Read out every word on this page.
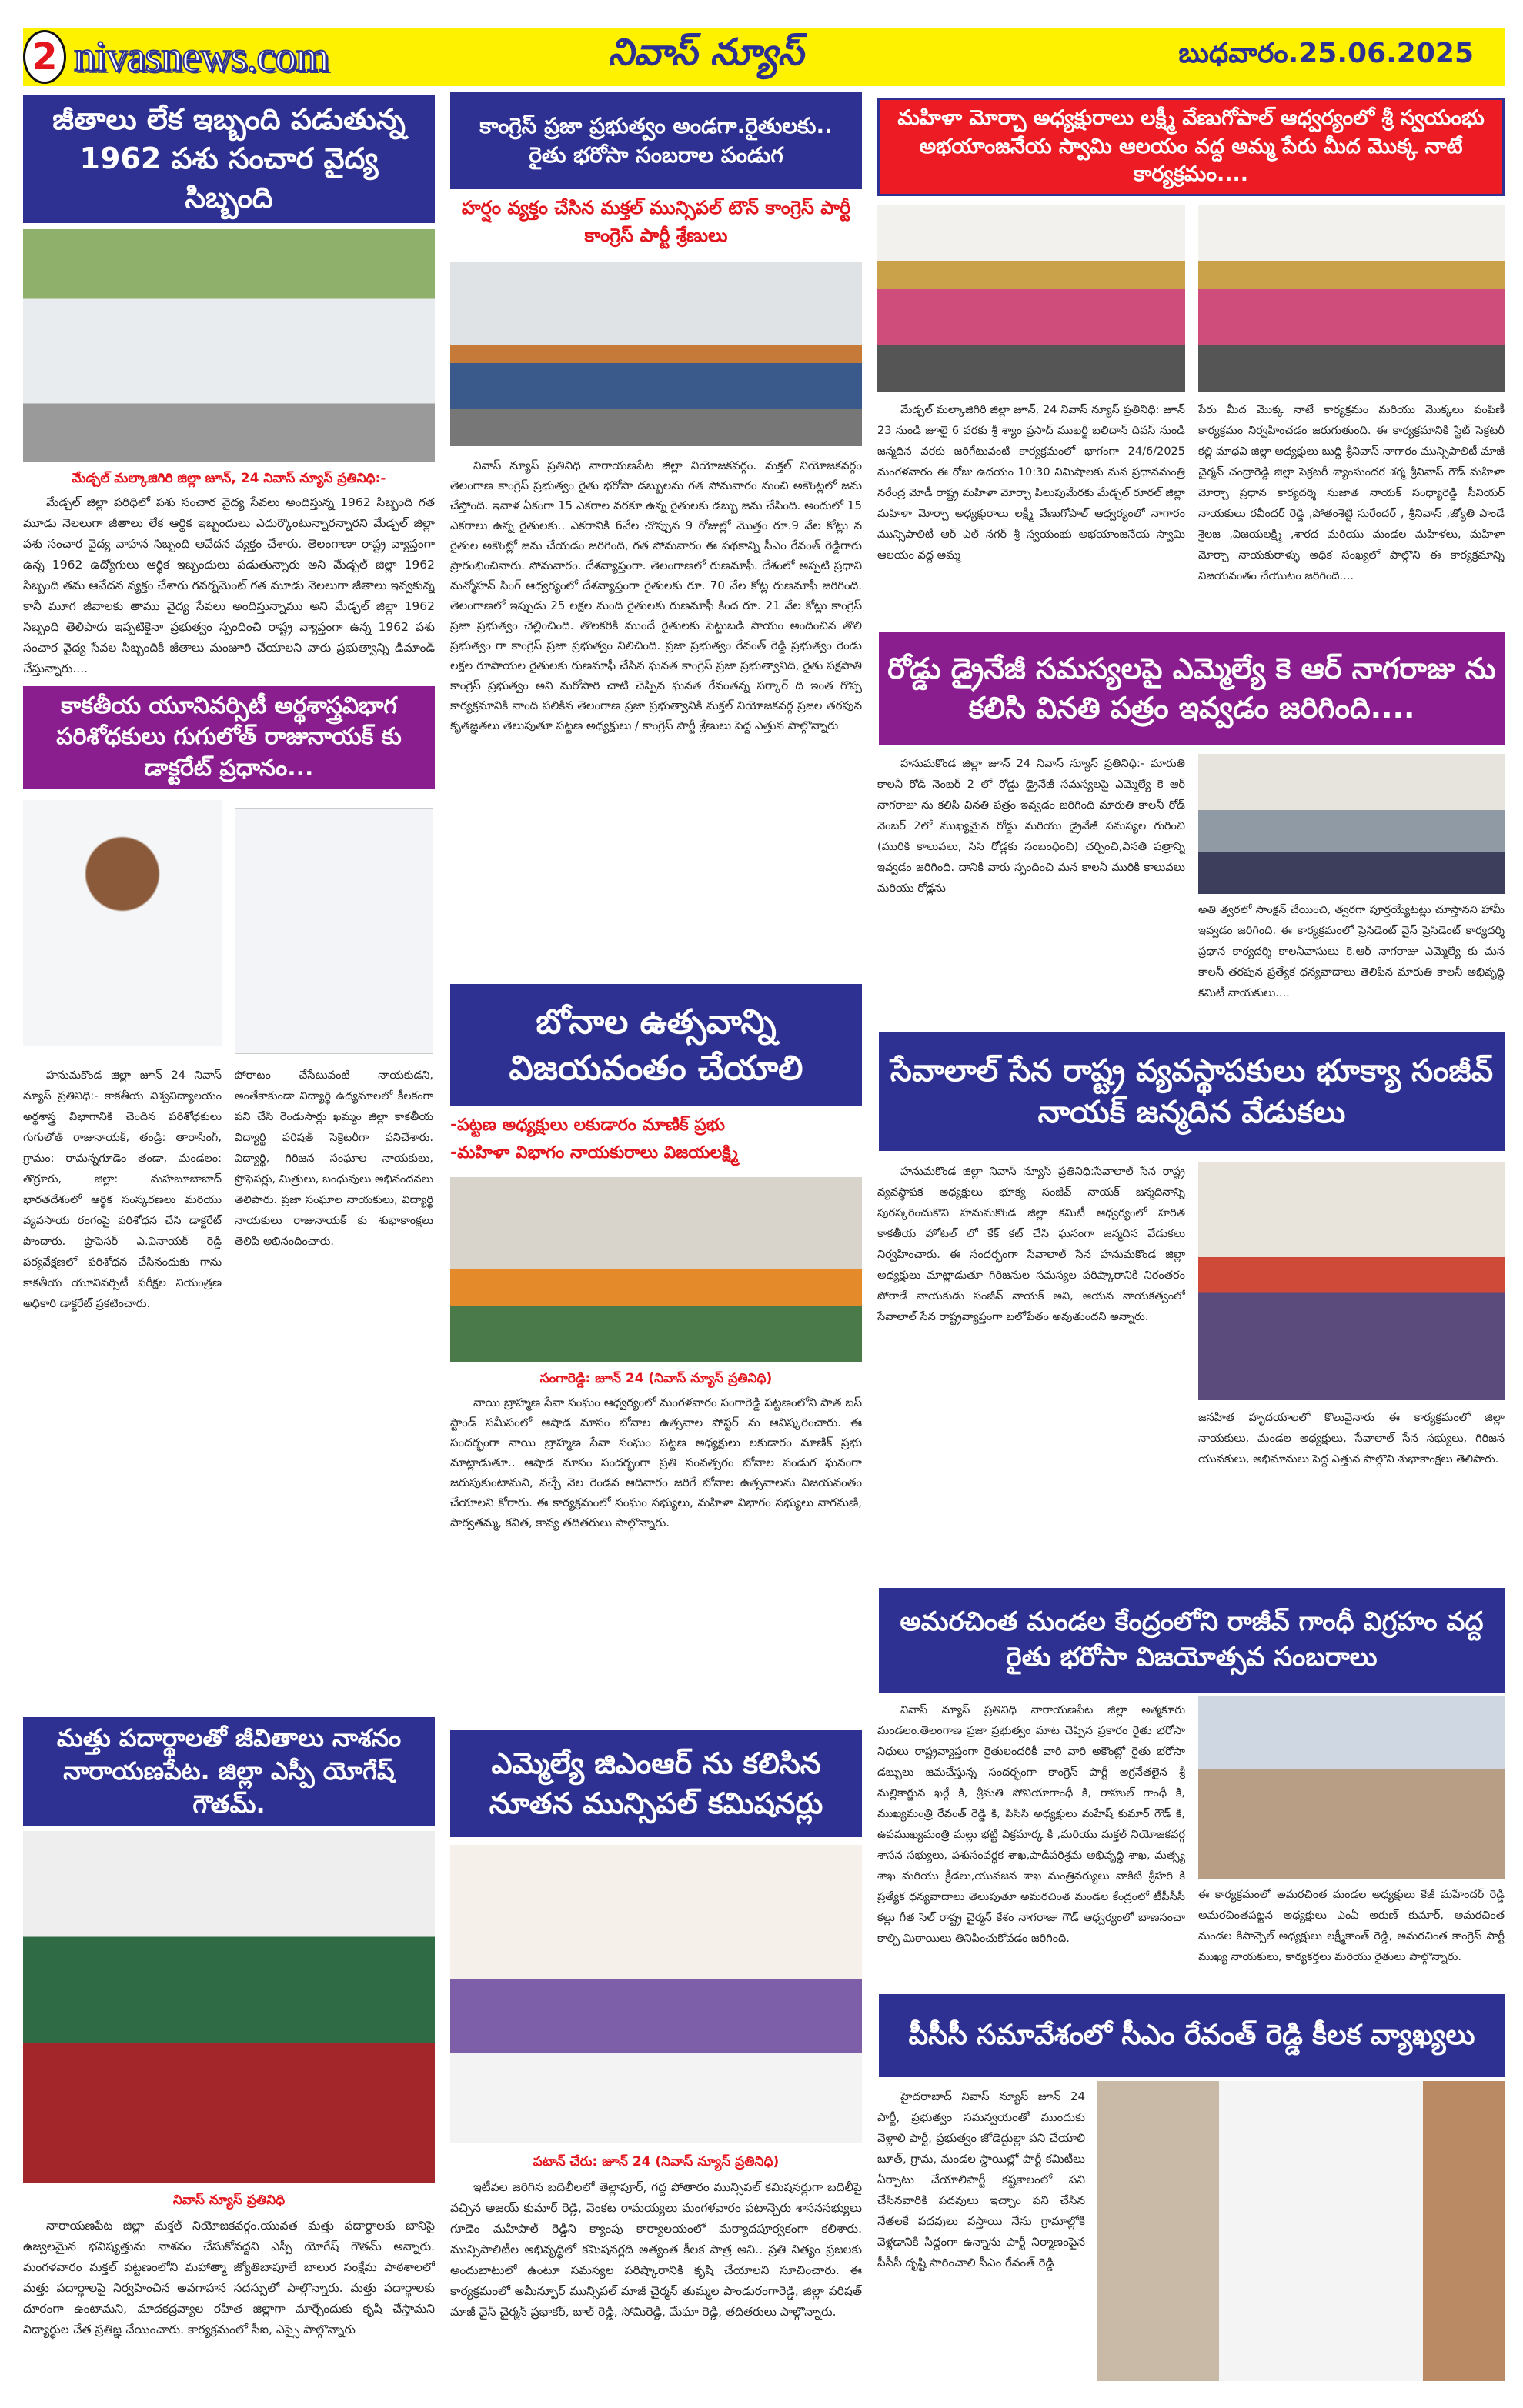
2 nivasnews.com	నివాస్ న్యూస్	బుధవారం.25.06.2025
జీతాలు లేక ఇబ్బంది పడుతున్న 1962 పశు సంచార వైద్య సిబ్బంది
మేడ్చల్ మల్కాజిగిరి జిల్లా జూన్, 24 నివాస్ న్యూస్ ప్రతినిధి:-
మేడ్చల్ జిల్లా పరిధిలో పశు సంచార వైద్య సేవలు అందిస్తున్న 1962 సిబ్బంది గత మూడు నెలలుగా జీతాలు లేక ఆర్థిక ఇబ్బందులు ఎదుర్కొంటున్నారన్నారని మేడ్చల్ జిల్లా పశు సంచార వైద్య వాహన సిబ్బంది ఆవేదన వ్యక్తం చేశారు. తెలంగాణా రాష్ట్ర వ్యాప్తంగా ఉన్న 1962 ఉద్యోగులు ఆర్థిక ఇబ్బందులు పడుతున్నారు అని మేడ్చల్ జిల్లా 1962 సిబ్బంది తమ ఆవేదన వ్యక్తం చేశారు గవర్నమెంట్ గత మూడు నెలలుగా జీతాలు ఇవ్వకున్న కానీ మూగ జీవాలకు తాము వైద్య సేవలు అందిస్తున్నాము అని మేడ్చల్ జిల్లా 1962 సిబ్బంది తెలిపారు ఇప్పటికైనా ప్రభుత్వం స్పందించి రాష్ట్ర వ్యాప్తంగా ఉన్న 1962 పశు సంచార వైద్య సేవల సిబ్బందికి జీతాలు మంజూరి చేయాలని వారు ప్రభుత్వాన్ని డిమాండ్ చేస్తున్నారు....
కాకతీయ యూనివర్సిటీ అర్థశాస్త్రవిభాగ పరిశోధకులు గుగులోత్ రాజునాయక్ కు డాక్టరేట్ ప్రధానం...
హనుమకొండ జిల్లా జూన్ 24 నివాస్ న్యూస్ ప్రతినిధి:- కాకతీయ విశ్వవిద్యాలయం అర్థశాస్త్ర విభాగానికి చెందిన పరిశోధకులు గుగులోత్ రాజునాయక్, తండ్రి: తారాసింగ్, గ్రామం: రామన్నగూడెం తండా, మండలం: తొర్రూరు, జిల్లా: మహబూబాబాద్ భారతదేశంలో ఆర్థిక సంస్కరణలు మరియు వ్యవసాయ రంగంపై పరిశోధన చేసి డాక్టరేట్ పొందారు. ప్రొఫెసర్ ఎ.వినాయక్ రెడ్డి పర్యవేక్షణలో పరిశోధన చేసినందుకు గాను కాకతీయ యూనివర్సిటీ పరీక్షల నియంత్రణ అధికారి డాక్టరేట్ ప్రకటించారు.
పోరాటం చేసేటువంటి నాయకుడని, అంతేకాకుండా విద్యార్థి ఉద్యమాలలో కీలకంగా పని చేసి రెండుసార్లు ఖమ్మం జిల్లా కాకతీయ విద్యార్థి పరిషత్ సెక్రెటరీగా పనిచేశారు. విద్యార్థి, గిరిజన సంఘాల నాయకులు, ప్రొఫెసర్లు, మిత్రులు, బంధువులు అభినందనలు తెలిపారు. ప్రజా సంఘాల నాయకులు, విద్యార్థి నాయకులు రాజునాయక్ కు శుభాకాంక్షలు తెలిపి అభినందించారు.
మత్తు పదార్థాలతో జీవితాలు నాశనం నారాయణపేట. జిల్లా ఎస్పీ యోగేష్ గౌతమ్.
నివాస్ న్యూస్ ప్రతినిధి
నారాయణపేట జిల్లా మక్తల్ నియోజకవర్గం.యువత మత్తు పదార్థాలకు బానిసై ఉజ్వలమైన భవిష్యత్తును నాశనం చేసుకోవద్దని ఎస్పీ యోగేష్ గౌతమ్ అన్నారు. మంగళవారం మక్తల్ పట్టణంలోని మహాత్మా జ్యోతిబాపూలే బాలుర సంక్షేమ పాఠశాలలో మత్తు పదార్థాలపై నిర్వహించిన అవగాహన సదస్సులో పాల్గొన్నారు. మత్తు పదార్థాలకు దూరంగా ఉంటామని, మాదకద్రవ్యాల రహిత జిల్లాగా మార్చేందుకు కృషి చేస్తామని విద్యార్థుల చేత ప్రతిజ్ఞ చేయించారు. కార్యక్రమంలో సీఐ, ఎస్సై పాల్గొన్నారు
కాంగ్రెస్ ప్రజా ప్రభుత్వం అండగా.రైతులకు.. రైతు భరోసా సంబరాల పండుగ
హర్షం వ్యక్తం చేసిన మక్తల్ మున్సిపల్ టౌన్ కాంగ్రెస్ పార్టీ కాంగ్రెస్ పార్టీ శ్రేణులు
నివాస్ న్యూస్ ప్రతినిధి నారాయణపేట జిల్లా నియోజకవర్గం. మక్తల్ నియోజకవర్గం తెలంగాణ కాంగ్రెస్ ప్రభుత్వం రైతు భరోసా డబ్బులను గత సోమవారం నుంచి అకౌంట్లలో జమ చేస్తోంది. ఇవాళ ఏకంగా 15 ఎకరాల వరకూ ఉన్న రైతులకు డబ్బు జమ చేసింది. అందులో 15 ఎకరాలు ఉన్న రైతులకు.. ఎకరానికి 6వేల చొప్పున 9 రోజుల్లో మొత్తం రూ.9 వేల కోట్లు న రైతుల అకౌంట్లో జమ చేయడం జరిగింది, గత సోమవారం ఈ పథకాన్ని సీఎం రేవంత్ రెడ్డిగారు ప్రారంభించినారు. సోమవారం. దేశవ్యాప్తంగా. తెలంగాణలో రుణమాఫీ. దేశంలో అప్పటి ప్రధాని మన్మోహన్ సింగ్ ఆధ్వర్యంలో దేశవ్యాప్తంగా రైతులకు రూ. 70 వేల కోట్ల రుణమాఫీ జరిగింది. తెలంగాణలో ఇప్పుడు 25 లక్షల మంది రైతులకు రుణమాఫీ కింద రూ. 21 వేల కోట్లు కాంగ్రెస్ ప్రజా ప్రభుత్వం చెల్లించింది. తొలకరికి ముందే రైతులకు పెట్టుబడి సాయం అందించిన తొలి ప్రభుత్వం గా కాంగ్రెస్ ప్రజా ప్రభుత్వం నిలిచింది. ప్రజా ప్రభుత్వం రేవంత్ రెడ్డి ప్రభుత్వం రెండు లక్షల రూపాయల రైతులకు రుణమాఫీ చేసిన ఘనత కాంగ్రెస్ ప్రజా ప్రభుత్వానిది, రైతు పక్షపాతి కాంగ్రెస్ ప్రభుత్వం అని మరోసారి చాటి చెప్పిన ఘనత రేవంతన్న సర్కార్ ది ఇంత గొప్ప కార్యక్రమానికి నాంది పలికిన తెలంగాణ ప్రజా ప్రభుత్వానికి మక్తల్ నియోజకవర్గ ప్రజల తరపున కృతజ్ఞతలు తెలుపుతూ పట్టణ అధ్యక్షులు / కాంగ్రెస్ పార్టీ శ్రేణులు పెద్ద ఎత్తున పాల్గొన్నారు
బోనాల ఉత్సవాన్ని విజయవంతం చేయాలి
-పట్టణ అధ్యక్షులు లకుడారం మాణిక్ ప్రభు
-మహిళా విభాగం నాయకురాలు విజయలక్ష్మి
సంగారెడ్డి: జూన్ 24 (నివాస్ న్యూస్ ప్రతినిధి)
నాయి బ్రాహ్మణ సేవా సంఘం ఆధ్వర్యంలో మంగళవారం సంగారెడ్డి పట్టణంలోని పాత బస్ స్టాండ్ సమీపంలో ఆషాడ మాసం బోనాల ఉత్సవాల పోస్టర్ ను ఆవిష్కరించారు. ఈ సందర్భంగా నాయి బ్రాహ్మణ సేవా సంఘం పట్టణ అధ్యక్షులు లకుడారం మాణిక్ ప్రభు మాట్లాడుతూ.. ఆషాడ మాసం సందర్భంగా ప్రతి సంవత్సరం బోనాల పండుగ ఘనంగా జరుపుకుంటామని, వచ్చే నెల రెండవ ఆదివారం జరిగే బోనాల ఉత్సవాలను విజయవంతం చేయాలని కోరారు. ఈ కార్యక్రమంలో సంఘం సభ్యులు, మహిళా విభాగం సభ్యులు నాగమణి, పార్వతమ్మ, కవిత, కావ్య తదితరులు పాల్గొన్నారు.
ఎమ్మెల్యే జిఎంఆర్ ను కలిసిన నూతన మున్సిపల్ కమిషనర్లు
పటాన్ చేరు: జూన్ 24 (నివాస్ న్యూస్ ప్రతినిధి)
ఇటీవల జరిగిన బదిలీలలో తెల్లాపూర్, గద్ద పోతారం మున్సిపల్ కమిషనర్లుగా బదిలీపై వచ్చిన అజయ్ కుమార్ రెడ్డి, వెంకట రామయ్యలు మంగళవారం పటాన్చెరు శాసనసభ్యులు గూడెం మహిపాల్ రెడ్డిని క్యాంపు కార్యాలయంలో మర్యాదపూర్వకంగా కలిశారు. మున్సిపాలిటీల అభివృద్ధిలో కమిషనర్లది అత్యంత కీలక పాత్ర అని.. ప్రతి నిత్యం ప్రజలకు అందుబాటులో ఉంటూ సమస్యల పరిష్కారానికి కృషి చేయాలని సూచించారు. ఈ కార్యక్రమంలో అమీన్పూర్ మున్సిపల్ మాజీ చైర్మన్ తుమ్మల పాండురంగారెడ్డి, జిల్లా పరిషత్ మాజీ వైస్ చైర్మన్ ప్రభాకర్, బాల్ రెడ్డి, సోమిరెడ్డి, మేఘా రెడ్డి, తదితరులు పాల్గొన్నారు.
మహిళా మోర్చా అధ్యక్షురాలు లక్ష్మీ వేణుగోపాల్ ఆధ్వర్యంలో శ్రీ స్వయంభు అభయాంజనేయ స్వామి ఆలయం వద్ద అమ్మ పేరు మీద మొక్క నాటే కార్యక్రమం....
మేడ్చల్ మల్కాజిగిరి జిల్లా జూన్, 24 నివాస్ న్యూస్ ప్రతినిధి: జూన్ 23 నుండి జూలై 6 వరకు శ్రీ శ్యాం ప్రసాద్ ముఖర్జీ బలిదాన్ దివస్ నుండి జన్మదిన వరకు జరిగేటువంటి కార్యక్రమంలో భాగంగా 24/6/2025 మంగళవారం ఈ రోజు ఉదయం 10:30 నిమిషాలకు మన ప్రధానమంత్రి నరేంద్ర మోడీ రాష్ట్ర మహిళా మోర్చా పిలుపుమేరకు మేడ్చల్ రూరల్ జిల్లా మహిళా మోర్చా అధ్యక్షురాలు లక్ష్మీ వేణుగోపాల్ ఆధ్వర్యంలో నాగారం మున్సిపాలిటీ ఆర్ ఎల్ నగర్ శ్రీ స్వయంభు అభయాంజనేయ స్వామి ఆలయం వద్ద అమ్మ
పేరు మీద మొక్క నాటే కార్యక్రమం మరియు మొక్కలు పంపిణీ కార్యక్రమం నిర్వహించడం జరుగుతుంది. ఈ కార్యక్రమానికి స్టేట్ సెక్రటరీ కల్లి మాధవి జిల్లా అధ్యక్షులు బుద్ధి శ్రీనివాస్ నాగారం మున్సిపాలిటీ మాజీ చైర్మన్ చంద్రారెడ్డి జిల్లా సెక్రటరీ శ్యాంసుందర శర్మ శ్రీనివాస్ గౌడ్ మహిళా మోర్చా ప్రధాన కార్యదర్శి సుజాత నాయక్ సంధ్యారెడ్డి సీనియర్ నాయకులు రవీందర్ రెడ్డి ,పోతంశెట్టి సురేందర్ , శ్రీనివాస్ ,జ్యోతి పాండే శైలజ ,విజయలక్ష్మి ,శారద మరియు మండల మహిళలు, మహిళా మోర్చా నాయకురాళ్ళు అధిక సంఖ్యలో పాల్గొని ఈ కార్యక్రమాన్ని విజయవంతం చేయుటం జరిగింది....
రోడ్డు డ్రైనేజీ సమస్యలపై ఎమ్మెల్యే కె ఆర్ నాగరాజు ను కలిసి వినతి పత్రం ఇవ్వడం జరిగింది....
హనుమకొండ జిల్లా జూన్ 24 నివాస్ న్యూస్ ప్రతినిధి:- మారుతి కాలనీ రోడ్ నెంబర్ 2 లో రోడ్డు డ్రైనేజీ సమస్యలపై ఎమ్మెల్యే కె ఆర్ నాగరాజు ను కలిసి వినతి పత్రం ఇవ్వడం జరిగింది మారుతి కాలనీ రోడ్ నెంబర్ 2లో ముఖ్యమైన రోడ్డు మరియు డ్రైనేజీ సమస్యల గురించి (మురికి కాలువలు, సిసి రోడ్లకు సంబంధించి) చర్చించి,వినతి పత్రాన్ని ఇవ్వడం జరిగింది. దానికి వారు స్పందించి మన కాలనీ మురికి కాలువలు మరియు రోడ్లను
అతి త్వరలో సాంక్షన్ చేయించి, త్వరగా పూర్తయ్యేటట్లు చూస్తానని హామీ ఇవ్వడం జరిగింది. ఈ కార్యక్రమంలో ప్రెసిడెంట్ వైస్ ప్రెసిడెంట్ కార్యదర్శి ప్రధాన కార్యదర్శి కాలనీవాసులు కె.ఆర్ నాగరాజు ఎమ్మెల్యే కు మన కాలనీ తరపున ప్రత్యేక ధన్యవాదాలు తెలిపిన మారుతి కాలనీ అభివృద్ధి కమిటీ నాయకులు....
సేవాలాల్ సేన రాష్ట్ర వ్యవస్థాపకులు భూక్యా సంజీవ్ నాయక్ జన్మదిన వేడుకలు
హనుమకొండ జిల్లా నివాస్ న్యూస్ ప్రతినిధి:సేవాలాల్ సేన రాష్ట్ర వ్యవస్థాపక అధ్యక్షులు భూక్య సంజీవ్ నాయక్ జన్మదినాన్ని పురస్కరించుకొని హనుమకొండ జిల్లా కమిటీ ఆధ్వర్యంలో హరిత కాకతీయ హోటల్ లో కేక్ కట్ చేసి ఘనంగా జన్మదిన వేడుకలు నిర్వహించారు. ఈ సందర్భంగా సేవాలాల్ సేన హనుమకొండ జిల్లా అధ్యక్షులు మాట్లాడుతూ గిరిజనుల సమస్యల పరిష్కారానికి నిరంతరం పోరాడే నాయకుడు సంజీవ్ నాయక్ అని, ఆయన నాయకత్వంలో సేవాలాల్ సేన రాష్ట్రవ్యాప్తంగా బలోపేతం అవుతుందని అన్నారు.
జనహిత హృదయాలలో కొలువైనారు ఈ కార్యక్రమంలో జిల్లా నాయకులు, మండల అధ్యక్షులు, సేవాలాల్ సేన సభ్యులు, గిరిజన యువకులు, అభిమానులు పెద్ద ఎత్తున పాల్గొని శుభాకాంక్షలు తెలిపారు.
అమరచింత మండల కేంద్రంలోని రాజీవ్ గాంధీ విగ్రహం వద్ద రైతు భరోసా విజయోత్సవ సంబరాలు
నివాస్ న్యూస్ ప్రతినిధి నారాయణపేట జిల్లా అత్మకూరు మండలం.తెలంగాణ ప్రజా ప్రభుత్వం మాట చెప్పిన ప్రకారం రైతు భరోసా నిధులు రాష్ట్రవ్యాప్తంగా రైతులందరికీ వారి వారి అకౌంట్లో రైతు భరోసా డబ్బులు జమచేస్తున్న సందర్భంగా కాంగ్రెస్ పార్టీ అగ్రనేతలైన శ్రీ మల్లికార్జున ఖర్గే కి, శ్రీమతి సోనియాగాంధీ కి, రాహుల్ గాంధీ కి, ముఖ్యమంత్రి రేవంత్ రెడ్డి కి, పిసిసి అధ్యక్షులు మహేష్ కుమార్ గౌడ్ కి, ఉపముఖ్యమంత్రి మల్లు భట్టి విక్రమార్క కి ,మరియు మక్తల్ నియోజకవర్గ శాసన సభ్యులు, పశుసంవర్ధక శాఖ,పాడిపరిశ్రమ అభివృద్ధి శాఖ, మత్స్య శాఖ మరియు క్రీడలు,యువజన శాఖ మంత్రివర్యులు వాకిటి శ్రీహరి కి ప్రత్యేక ధన్యవాదాలు తెలుపుతూ అమరచింత మండల కేంద్రంలో టీపీసీసీ కల్లు గీత సెల్ రాష్ట్ర చైర్మన్ కేశం నాగరాజు గౌడ్ ఆధ్వర్యంలో బాణసంచా కాల్చి మిఠాయిలు తినిపించుకోవడం జరిగింది.
ఈ కార్యక్రమంలో అమరచింత మండల అధ్యక్షులు కేజీ మహేందర్ రెడ్డి అమరచింతపట్టన అధ్యక్షులు ఎంఏ అరుణ్ కుమార్, అమరచింత మండల కిసాన్సెల్ అధ్యక్షులు లక్ష్మీకాంత్ రెడ్డి, అమరచింత కాంగ్రెస్ పార్టీ ముఖ్య నాయకులు, కార్యకర్తలు మరియు రైతులు పాల్గొన్నారు.
పీసీసీ సమావేశంలో సీఎం రేవంత్ రెడ్డి కీలక వ్యాఖ్యలు
హైదరాబాద్ నివాస్ న్యూస్ జూన్ 24 పార్టీ, ప్రభుత్వం సమన్వయంతో ముందుకు వెళ్లాలి పార్టీ, ప్రభుత్వం జోడెద్దుల్లా పని చేయాలి బూత్, గ్రామ, మండల స్థాయిల్లో పార్టీ కమిటీలు ఏర్పాటు చేయాలిపార్టీ కష్టకాలంలో పని చేసినవారికి పదవులు ఇచ్చాం పని చేసిన నేతలకే పదవులు వస్తాయి నేను గ్రామాల్లోకి వెళ్లడానికి సిద్ధంగా ఉన్నాను పార్టీ నిర్మాణంపైన పీసీసీ దృష్టి సారించాలి సీఎం రేవంత్ రెడ్డి
